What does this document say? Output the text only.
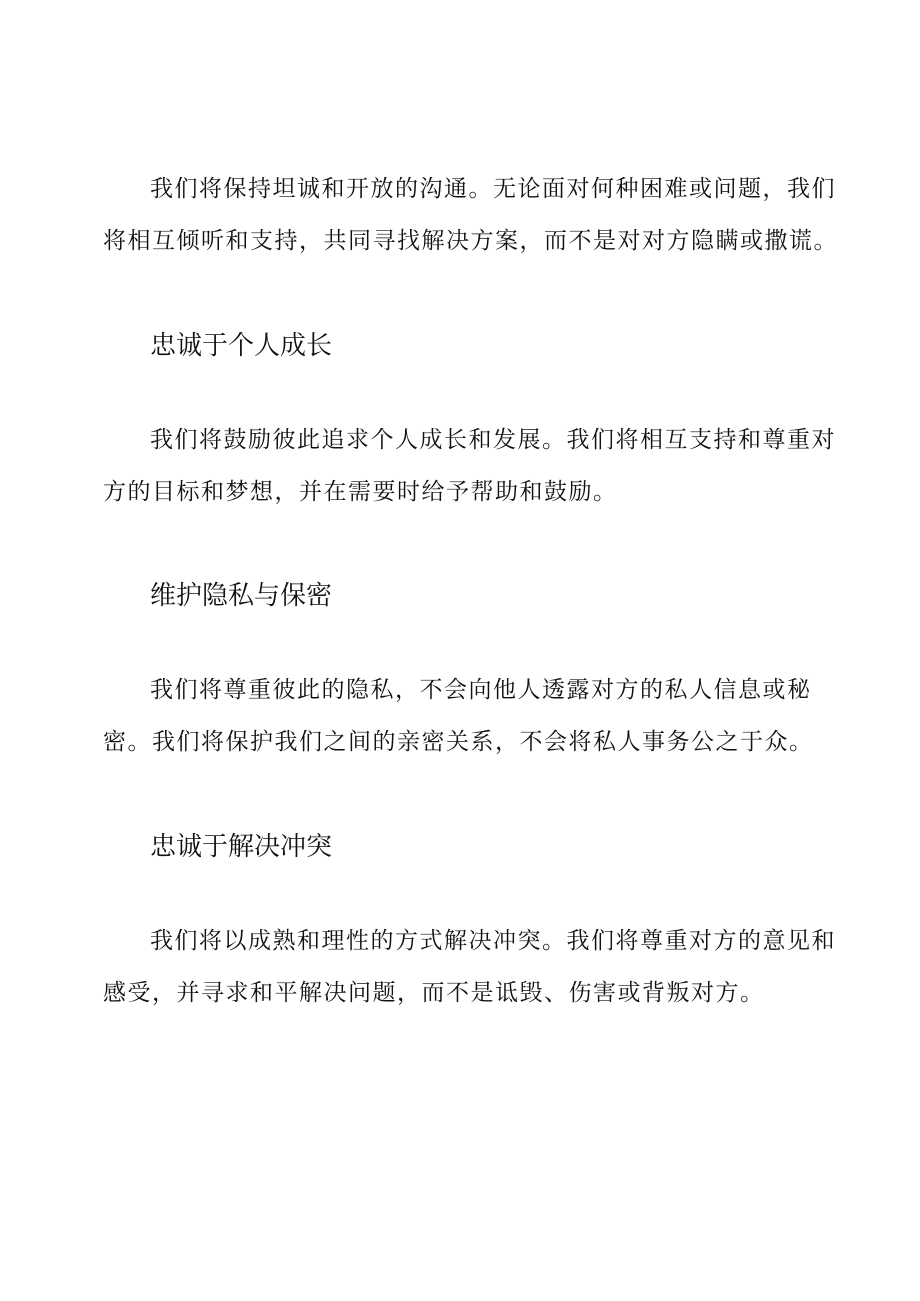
我们将保持坦诚和开放的沟通。无论面对何种困难或问题，我们将相互倾听和支持，共同寻找解决方案，而不是对对方隐瞒或撒谎。

忠诚于个人成长

我们将鼓励彼此追求个人成长和发展。我们将相互支持和尊重对方的目标和梦想，并在需要时给予帮助和鼓励。

维护隐私与保密

我们将尊重彼此的隐私，不会向他人透露对方的私人信息或秘密。我们将保护我们之间的亲密关系，不会将私人事务公之于众。

忠诚于解决冲突

我们将以成熟和理性的方式解决冲突。我们将尊重对方的意见和感受，并寻求和平解决问题，而不是诋毁、伤害或背叛对方。
